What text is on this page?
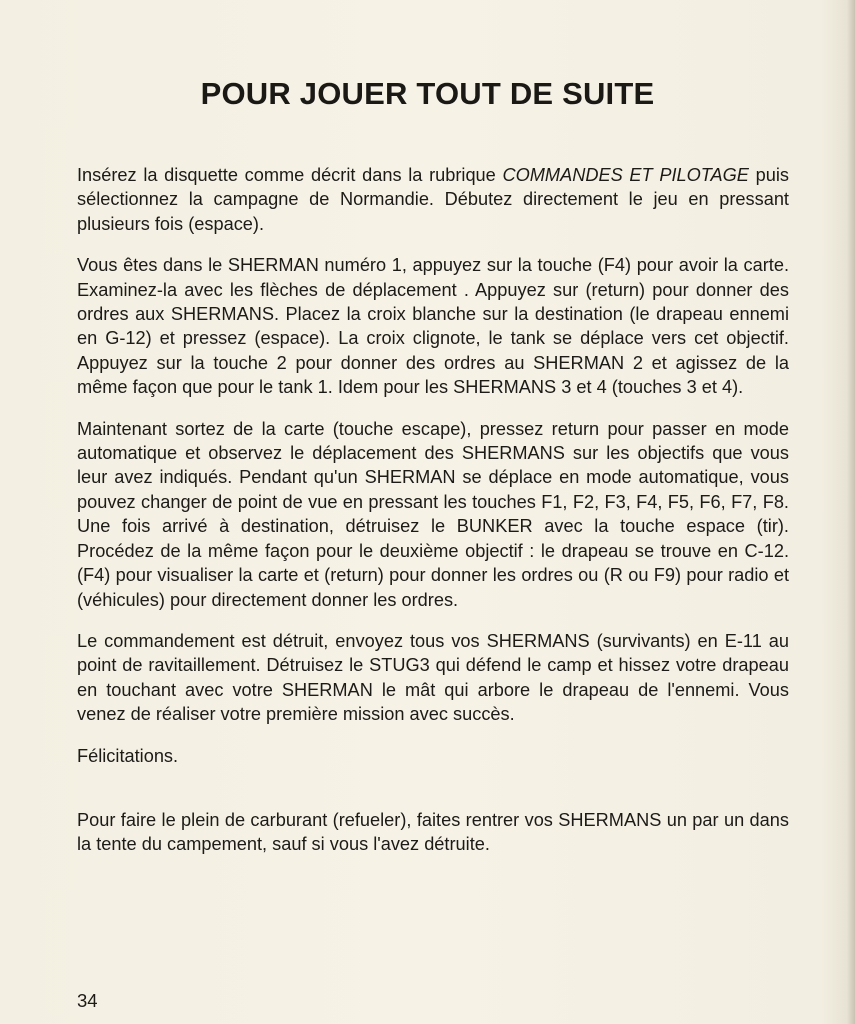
POUR JOUER TOUT DE SUITE

Insérez la disquette comme décrit dans la rubrique COMMANDES ET PILOTAGE puis sélectionnez la campagne de Normandie. Débutez directement le jeu en pressant plusieurs fois (espace).

Vous êtes dans le SHERMAN numéro 1, appuyez sur la touche (F4) pour avoir la carte. Examinez-la avec les flèches de déplacement . Appuyez sur (return) pour donner des ordres aux SHERMANS. Placez la croix blanche sur la destination (le drapeau ennemi en G-12) et pressez (espace). La croix clignote, le tank se déplace vers cet objectif. Appuyez sur la touche 2 pour donner des ordres au SHERMAN 2 et agissez de la même façon que pour le tank 1. Idem pour les SHERMANS 3 et 4 (touches 3 et 4).

Maintenant sortez de la carte (touche escape), pressez return pour passer en mode automatique et observez le déplacement des SHERMANS sur les objectifs que vous leur avez indiqués. Pendant qu'un SHERMAN se déplace en mode automatique, vous pouvez changer de point de vue en pressant les touches F1, F2, F3, F4, F5, F6, F7, F8. Une fois arrivé à destination, détruisez le BUNKER avec la touche espace (tir). Procédez de la même façon pour le deuxième objectif : le drapeau se trouve en C-12. (F4) pour visualiser la carte et (return) pour donner les ordres ou (R ou F9) pour radio et (véhicules) pour directement donner les ordres.

Le commandement est détruit, envoyez tous vos SHERMANS (survivants) en E-11 au point de ravitaillement. Détruisez le STUG3 qui défend le camp et hissez votre drapeau en touchant avec votre SHERMAN le mât qui arbore le drapeau de l'ennemi. Vous venez de réaliser votre première mission avec succès.

Félicitations.

Pour faire le plein de carburant (refueler), faites rentrer vos SHERMANS un par un dans la tente du campement, sauf si vous l'avez détruite.

34
